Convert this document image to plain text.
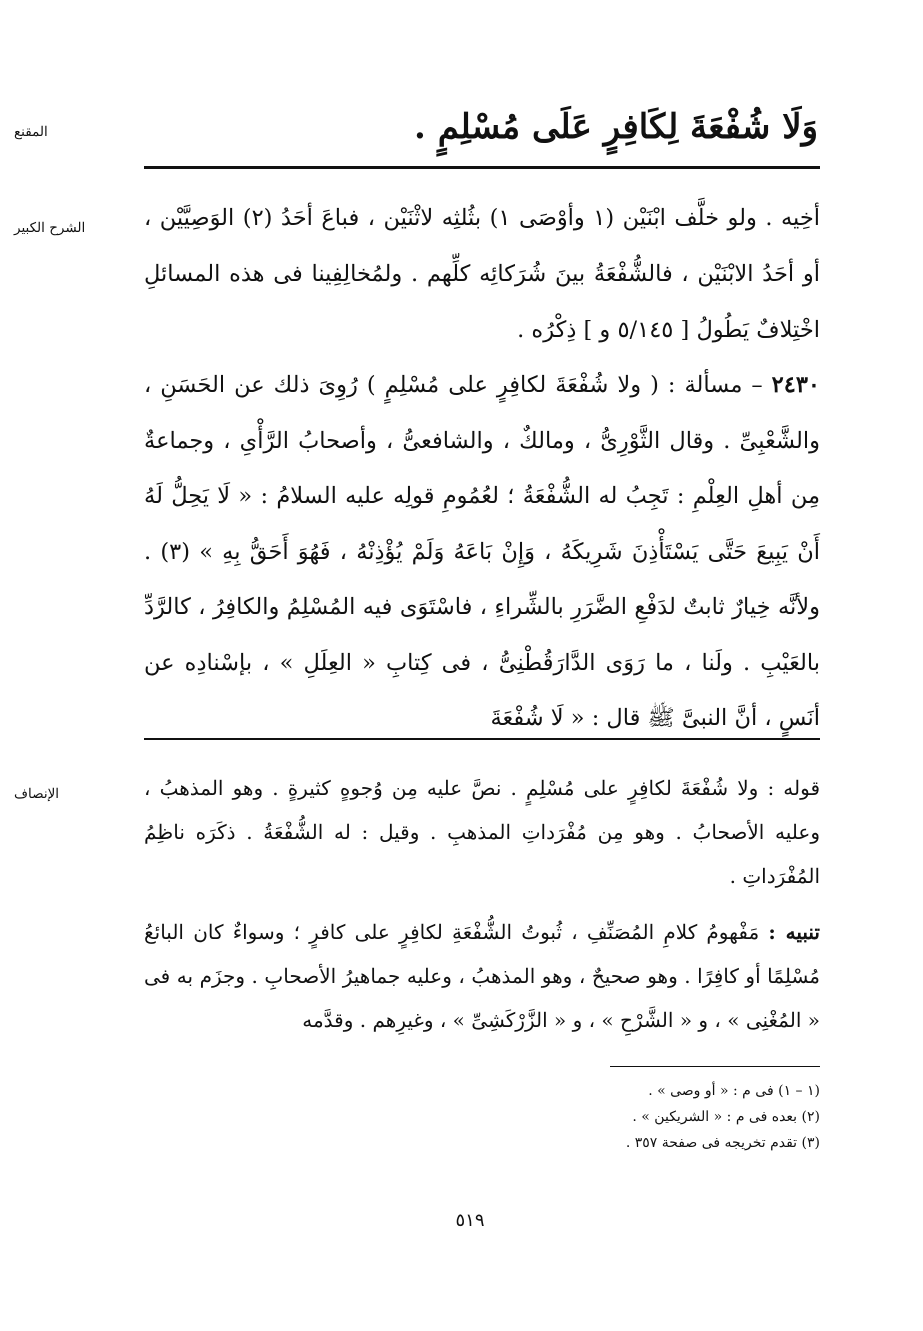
وَلَا شُفْعَةَ لِكَافِرٍ عَلَى مُسْلِمٍ .
المقنع
الشرح الكبير	أخِيه . ولو خلَّف ابْنَيْن (١ وأوْصَى ١) بثُلثِه لاثْنَيْن ، فباعَ أحَدُ (٢) الوَصِيَّيْن ، أو أحَدُ الابْنَيْن ، فالشُّفْعَةُ بينَ شُرَكائِه كلِّهم . ولمُخالِفِينا فى هذه المسائلِ اخْتِلافٌ يَطُولُ [ ٥/١٤٥ و ] ذِكْرُه .

٢٤٣٠ – مسألة : ( ولا شُفْعَةَ لكافِرٍ على مُسْلِمٍ ) رُوِىَ ذلك عن الحَسَنِ ، والشَّعْبِىِّ . وقال الثَّوْرِىُّ ، ومالكٌ ، والشافعىُّ ، وأصحابُ الرَّأْىِ ، وجماعةٌ مِن أهلِ العِلْمِ : تَجِبُ له الشُّفْعَةُ ؛ لعُمُومِ قولِه عليه السلامُ : « لَا يَحِلُّ لَهُ أَنْ يَبِيعَ حَتَّى يَسْتَأْذِنَ شَرِيكَهُ ، وَإِنْ بَاعَهُ وَلَمْ يُؤْذِنْهُ ، فَهُوَ أَحَقُّ بِهِ » (٣) . ولأنَّه خِيارٌ ثابتٌ لدَفْعِ الضَّرَرِ بالشِّراءِ ، فاسْتَوَى فيه المُسْلِمُ والكافِرُ ، كالرَّدِّ بالعَيْبِ . ولَنا ، ما رَوَى الدَّارَقُطْنِىُّ ، فى كِتابِ « العِلَلِ » ، بإسْنادِه عن أنَسٍ ، أنَّ النبىَّ ﷺ قال : « لَا شُفْعَةَ

الإنصاف	قوله : ولا شُفْعَةَ لكافِرٍ على مُسْلِمٍ . نصَّ عليه مِن وُجوهٍ كثيرةٍ . وهو المذهبُ ، وعليه الأصحابُ . وهو مِن مُفْرَداتِ المذهبِ . وقيل : له الشُّفْعَةُ . ذكَرَه ناظِمُ المُفْرَداتِ .

تنبيه : مَفْهومُ كلامِ المُصَنِّفِ ، ثُبوتُ الشُّفْعَةِ لكافِرٍ على كافرٍ ؛ وسواءٌ كان البائعُ مُسْلِمًا أو كافِرًا . وهو صحيحٌ ، وهو المذهبُ ، وعليه جماهيرُ الأصحابِ . وجزَم به فى « المُغْنِى » ، و « الشَّرْحِ » ، و « الزَّرْكَشِىِّ » ، وغيرِهم . وقدَّمه

(١ – ١) فى م : « أو وصى » .
(٢) بعده فى م : « الشريكين » .
(٣) تقدم تخريجه فى صفحة ٣٥٧ .
٥١٩
